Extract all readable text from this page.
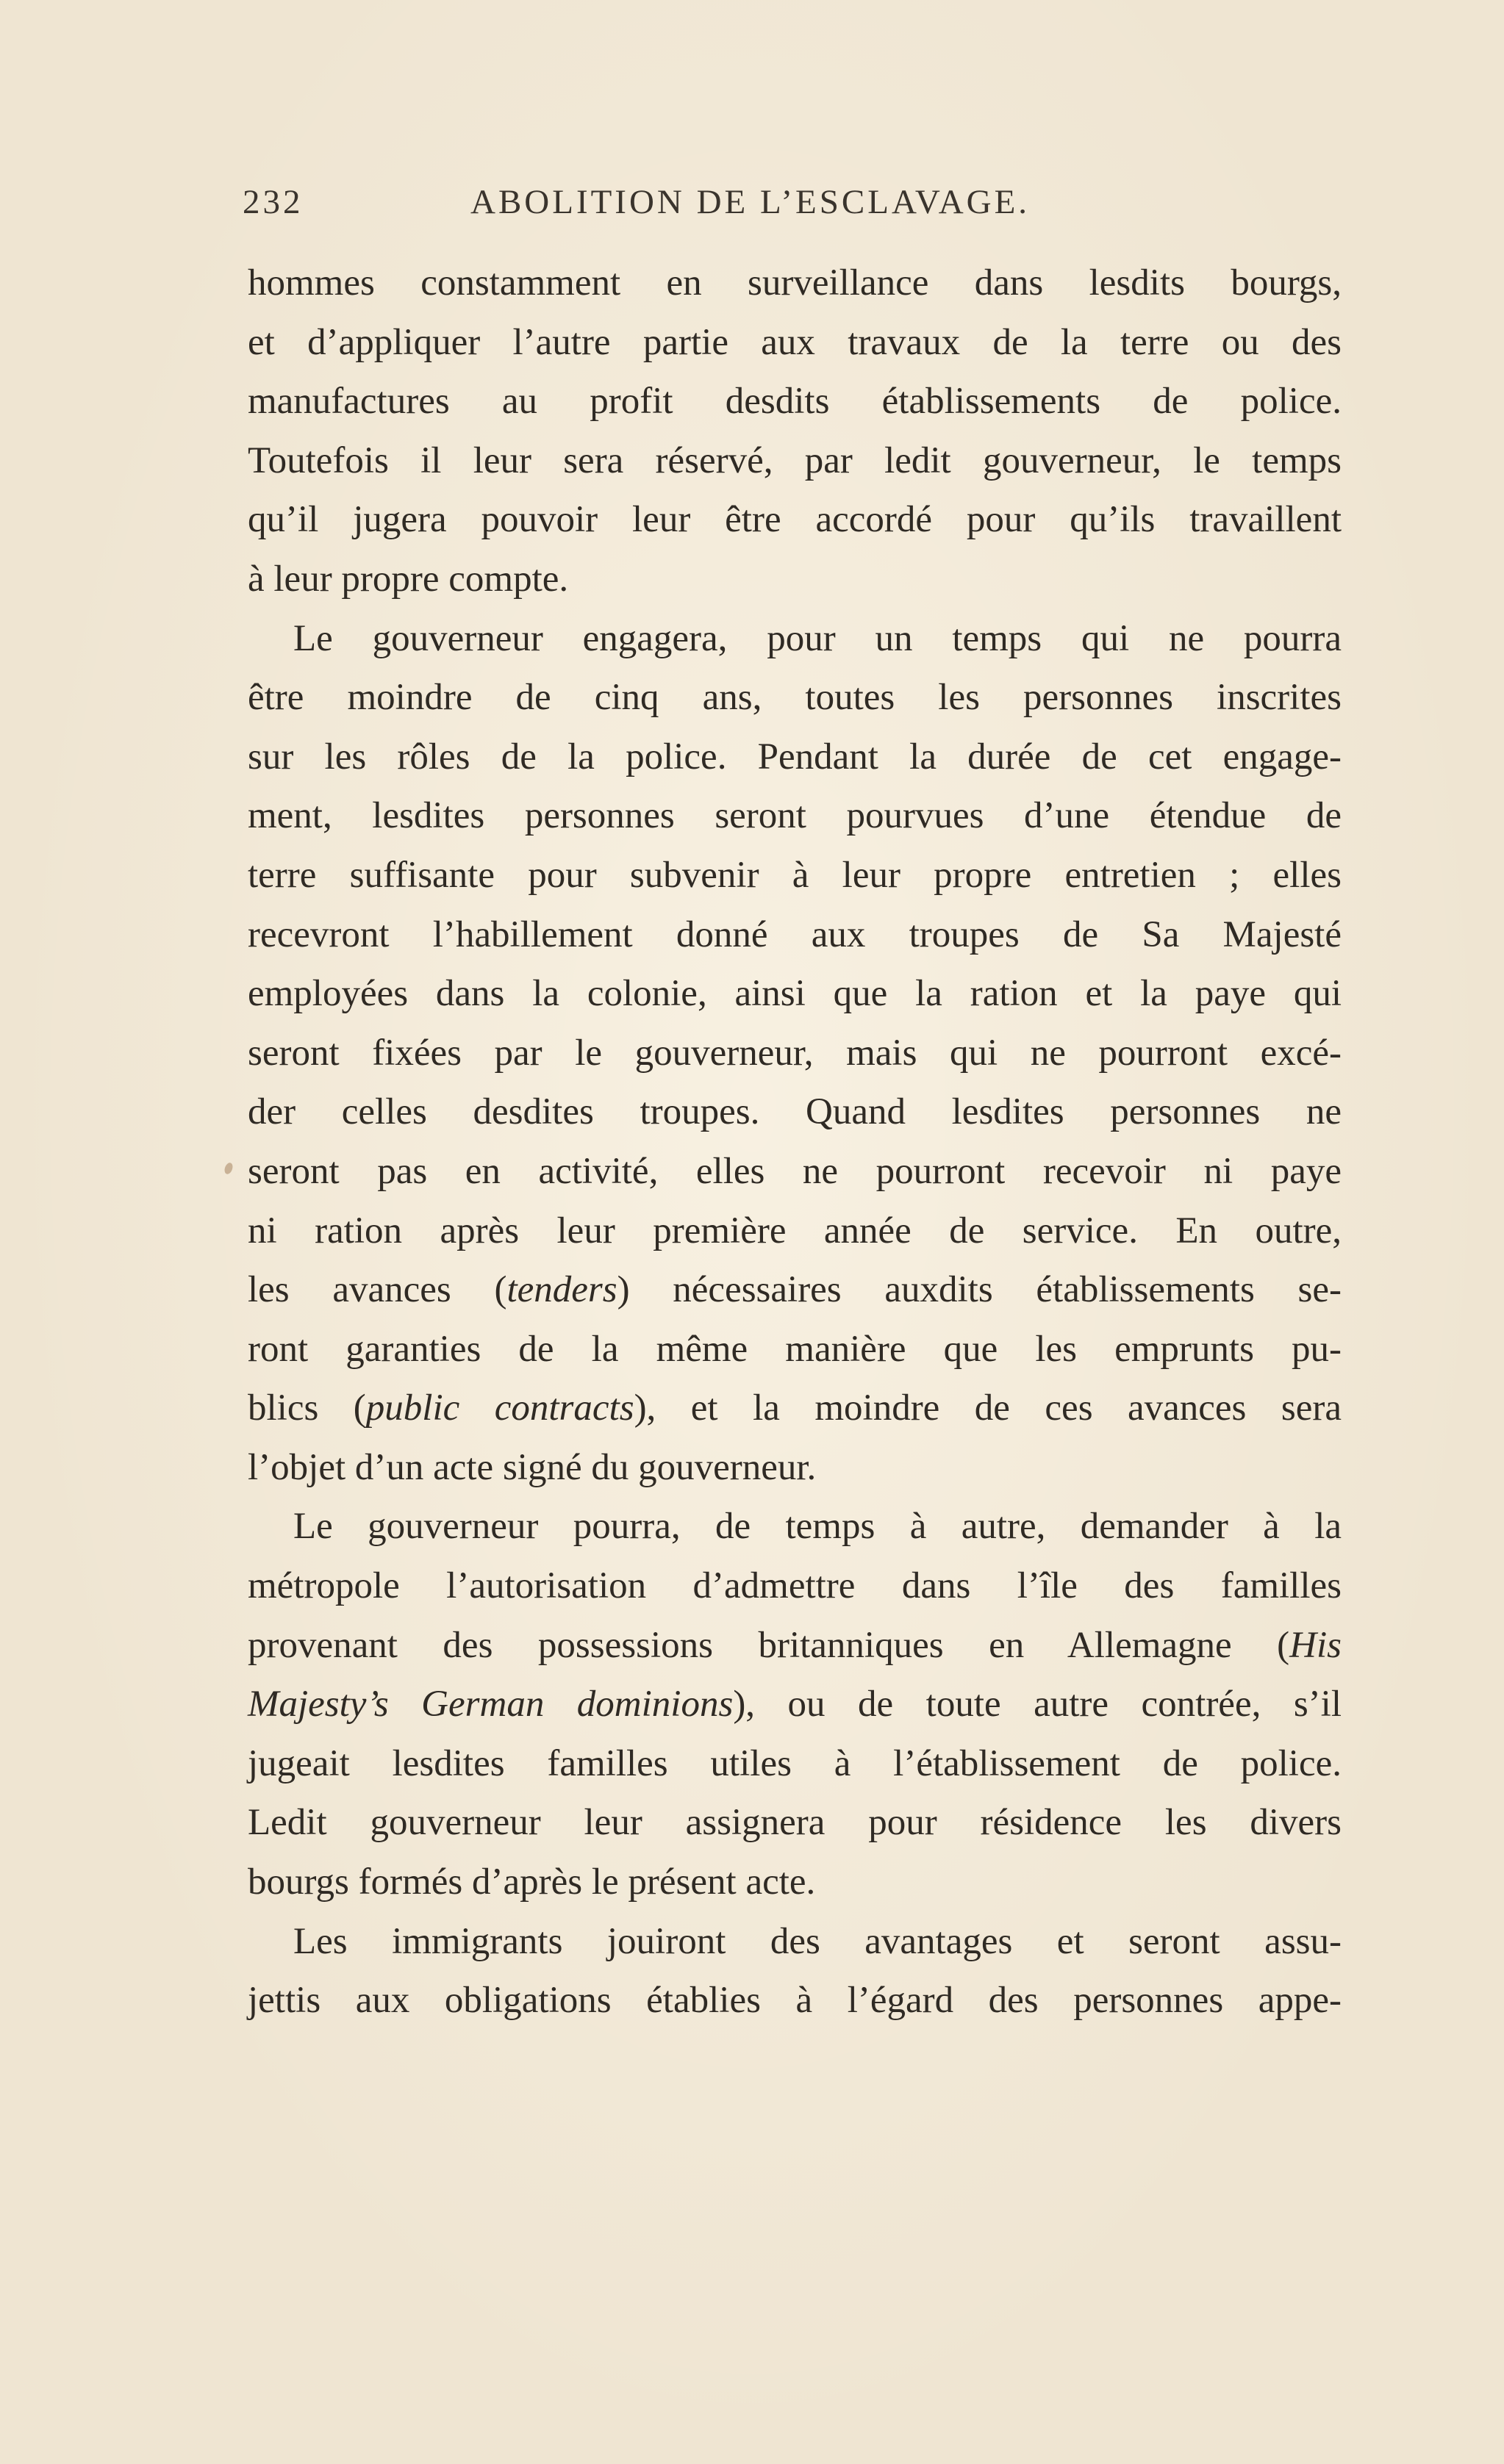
232	ABOLITION DE L’ESCLAVAGE.
hommes constamment en surveillance dans lesdits bourgs,
et d’appliquer l’autre partie aux travaux de la terre ou des
manufactures au profit desdits établissements de police.
Toutefois il leur sera réservé, par ledit gouverneur, le temps
qu’il jugera pouvoir leur être accordé pour qu’ils travaillent
à leur propre compte.
Le gouverneur engagera, pour un temps qui ne pourra
être moindre de cinq ans, toutes les personnes inscrites
sur les rôles de la police. Pendant la durée de cet engage-
ment, lesdites personnes seront pourvues d’une étendue de
terre suffisante pour subvenir à leur propre entretien ; elles
recevront l’habillement donné aux troupes de Sa Majesté
employées dans la colonie, ainsi que la ration et la paye qui
seront fixées par le gouverneur, mais qui ne pourront excé-
der celles desdites troupes. Quand lesdites personnes ne
seront pas en activité, elles ne pourront recevoir ni paye
ni ration après leur première année de service. En outre,
les avances (tenders) nécessaires auxdits établissements se-
ront garanties de la même manière que les emprunts pu-
blics (public contracts), et la moindre de ces avances sera
l’objet d’un acte signé du gouverneur.
Le gouverneur pourra, de temps à autre, demander à la
métropole l’autorisation d’admettre dans l’île des familles
provenant des possessions britanniques en Allemagne (His
Majesty’s German dominions), ou de toute autre contrée, s’il
jugeait lesdites familles utiles à l’établissement de police.
Ledit gouverneur leur assignera pour résidence les divers
bourgs formés d’après le présent acte.
Les immigrants jouiront des avantages et seront assu-
jettis aux obligations établies à l’égard des personnes appe-
